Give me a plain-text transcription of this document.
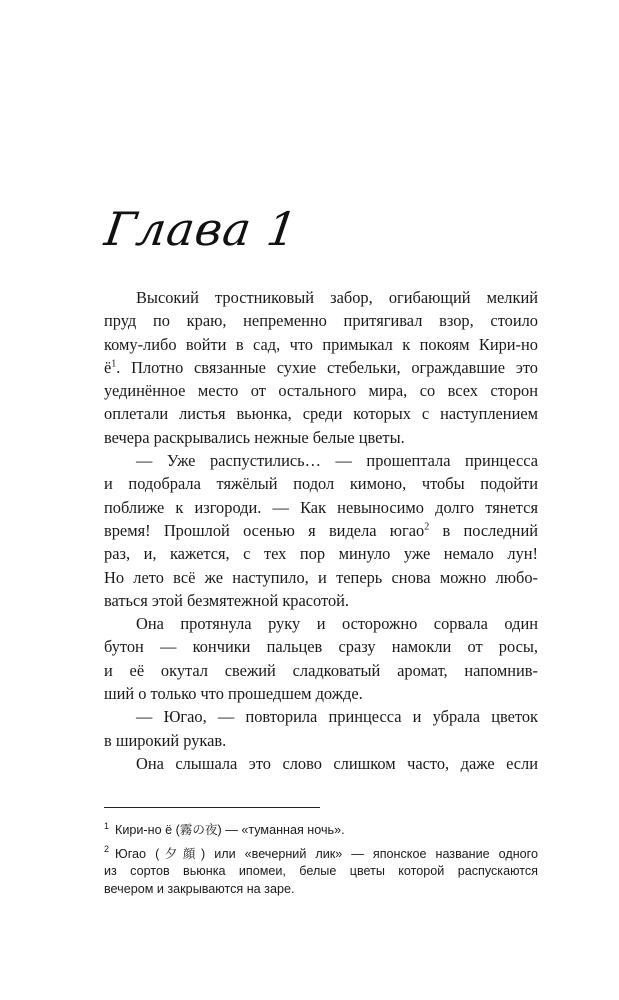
Глава 1
Высокий тростниковый забор, огибающий мелкий
пруд по краю, непременно притягивал взор, стоило
кому-либо войти в сад, что примыкал к покоям Кири-но
$ё^1$. Плотно связанные сухие стебельки, ограждавшие это
уединённое место от остального мира, со всех сторон
оплетали листья вьюнка, среди которых с наступлением
вечера раскрывались нежные белые цветы.
— Уже распустились… — прошептала принцесса
и подобрала тяжёлый подол кимоно, чтобы подойти
поближе к изгороди. — Как невыносимо долго тянется
время! Прошлой осенью я видела югао$^2$ в последний
раз, и, кажется, с тех пор минуло уже немало лун!
Но лето всё же наступило, и теперь снова можно любо-
ваться этой безмятежной красотой.
Она протянула руку и осторожно сорвала один
бутон — кончики пальцев сразу намокли от росы,
и её окутал свежий сладковатый аромат, напомнив-
ший о только что прошедшем дожде.
— Югао, — повторила принцесса и убрала цветок
в широкий рукав.
Она слышала это слово слишком часто, даже если
$^1$ Кири-но ё (霧の夜) — «туманная ночь».
$^2$ Югао (夕顔) или «вечерний лик» — японское название одного
из сортов вьюнка ипомеи, белые цветы которой распускаются
вечером и закрываются на заре.
